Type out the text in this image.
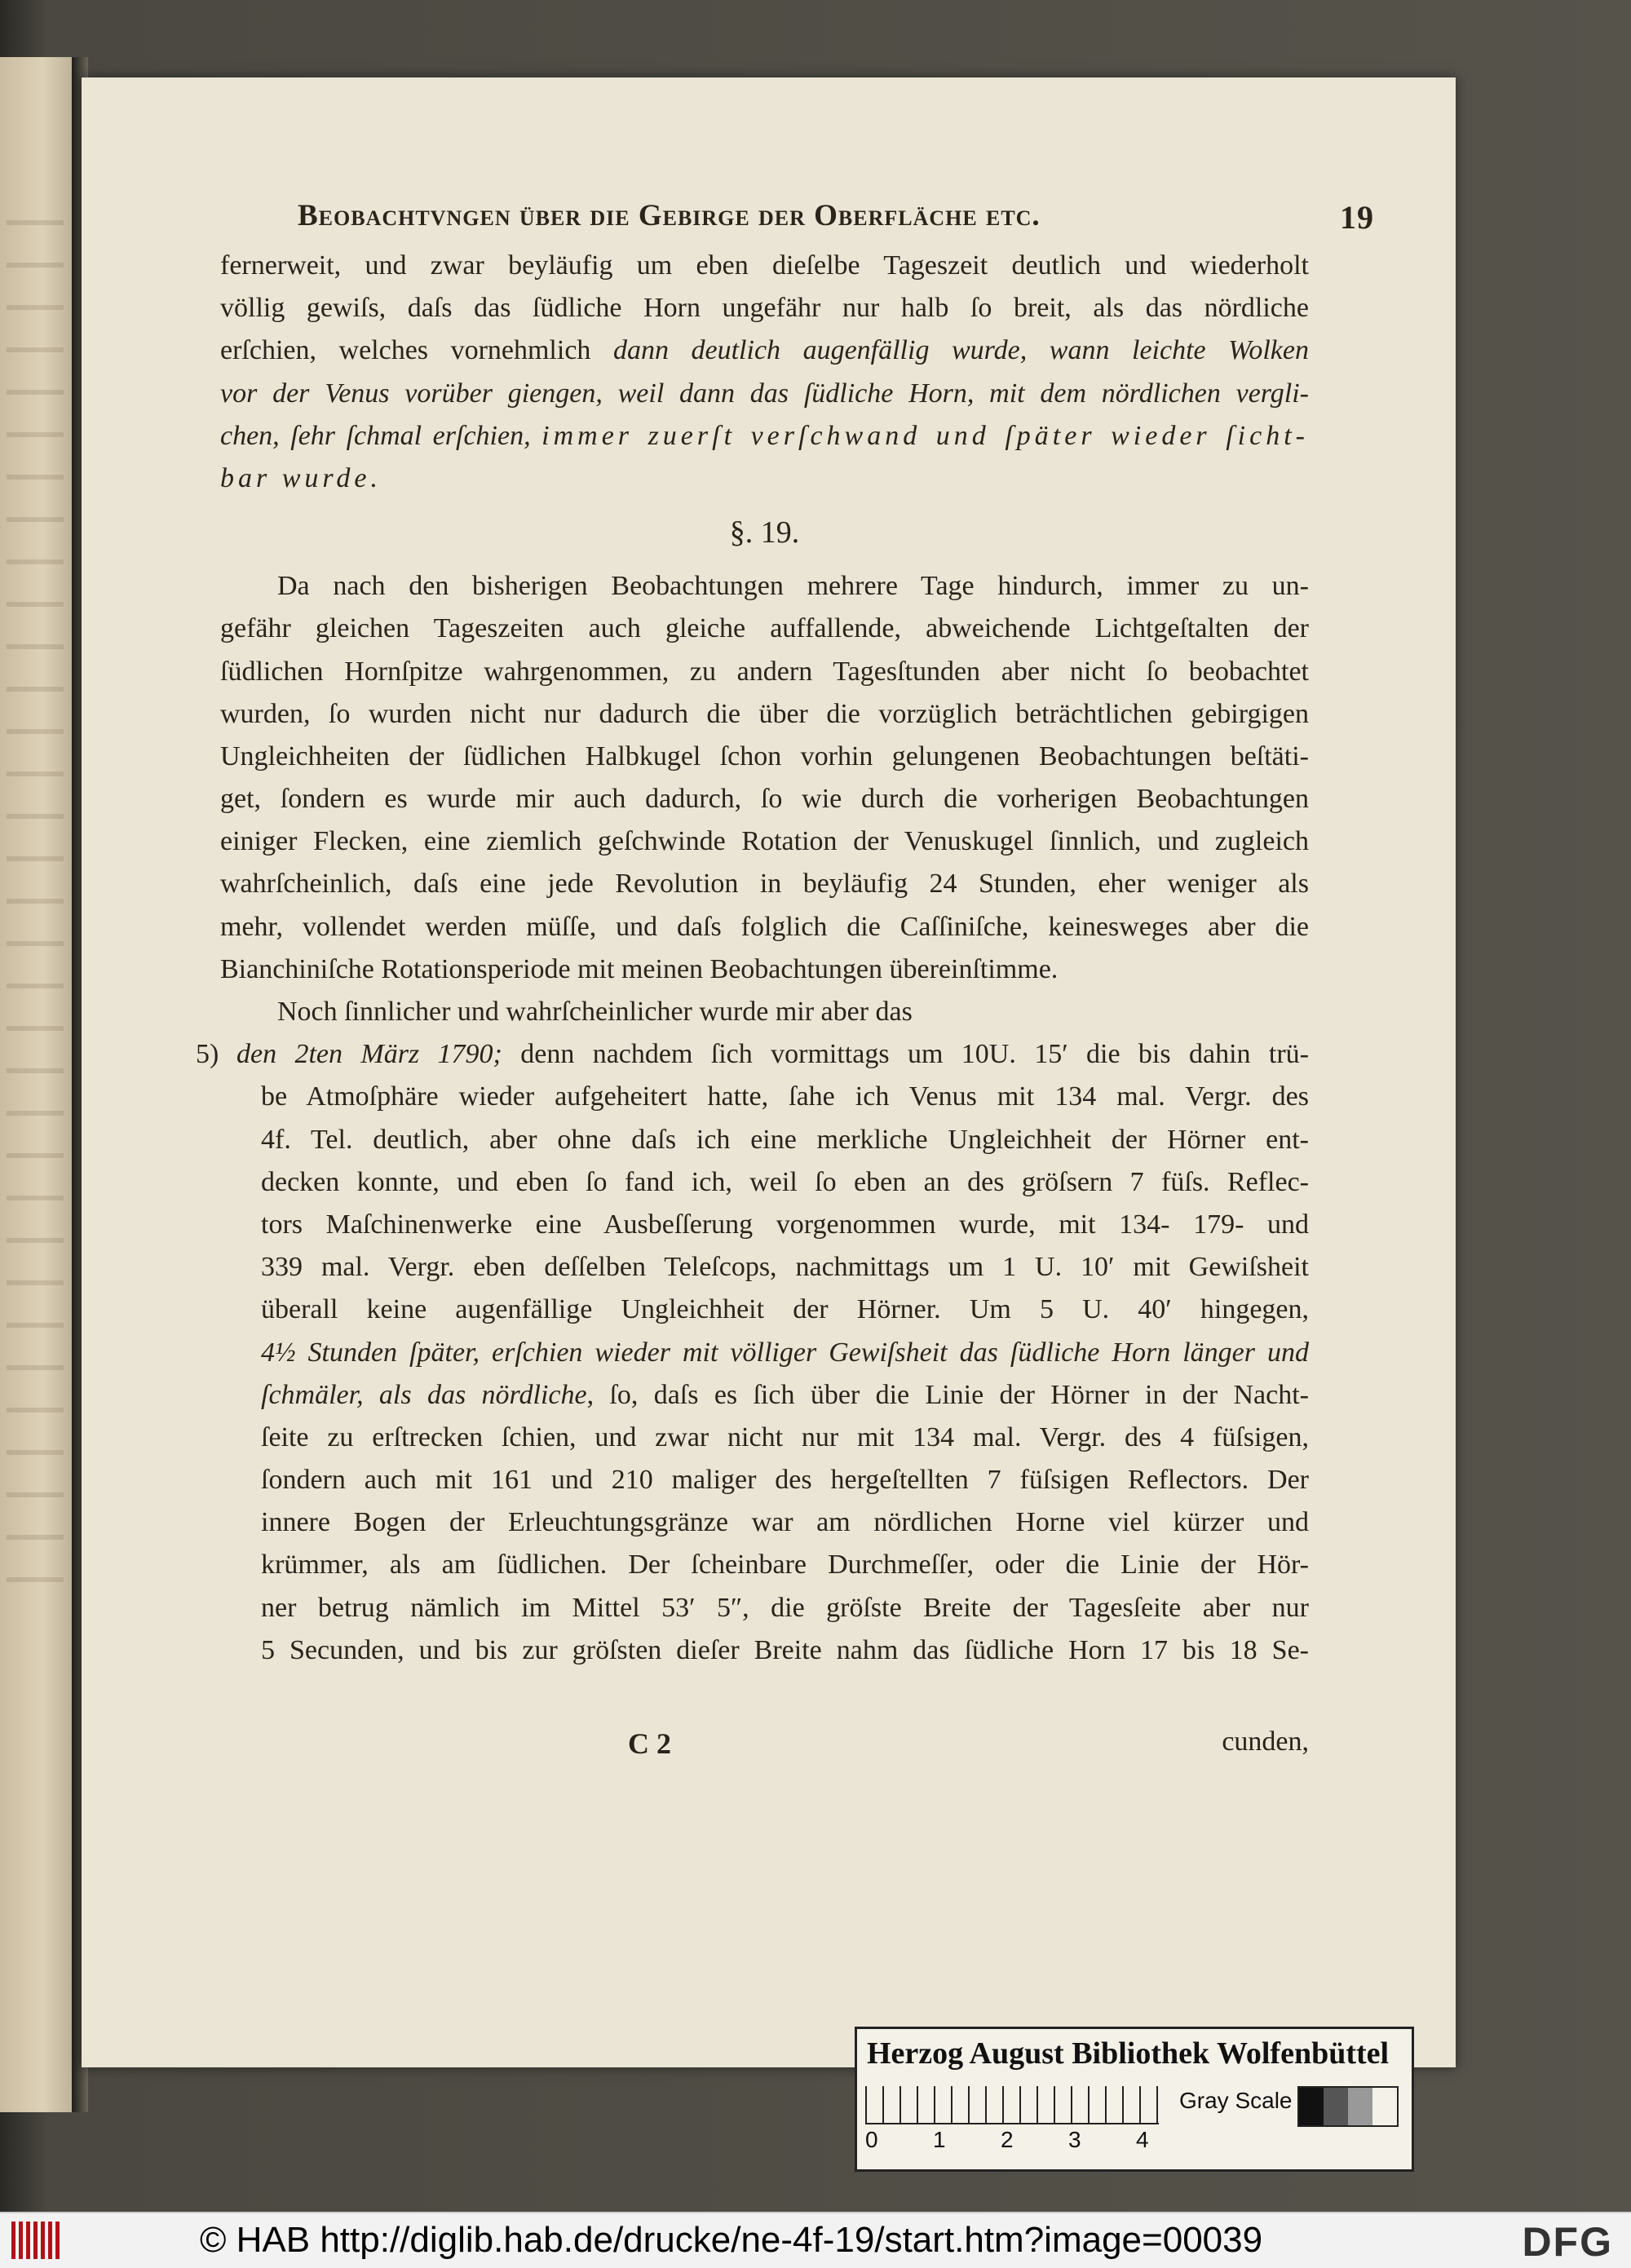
Beobachtvngen über die Gebirge der Oberfläche etc.	19
fernerweit, und zwar beyläufig um eben dieſelbe Tageszeit deutlich und wiederholt
völlig gewiſs, daſs das ſüdliche Horn ungefähr nur halb ſo breit, als das nördliche
erſchien, welches vornehmlich dann deutlich augenfällig wurde, wann leichte Wolken
vor der Venus vorüber giengen, weil dann das ſüdliche Horn, mit dem nördlichen vergli-
chen, ſehr ſchmal erſchien, immer zuerſt verſchwand und ſpäter wieder ſicht-
bar wurde.
§. 19.
Da nach den bisherigen Beobachtungen mehrere Tage hindurch, immer zu un-
gefähr gleichen Tageszeiten auch gleiche auffallende, abweichende Lichtgeſtalten der
ſüdlichen Hornſpitze wahrgenommen, zu andern Tagesſtunden aber nicht ſo beobachtet
wurden, ſo wurden nicht nur dadurch die über die vorzüglich beträchtlichen gebirgigen
Ungleichheiten der ſüdlichen Halbkugel ſchon vorhin gelungenen Beobachtungen beſtäti-
get, ſondern es wurde mir auch dadurch, ſo wie durch die vorherigen Beobachtungen
einiger Flecken, eine ziemlich geſchwinde Rotation der Venuskugel ſinnlich, und zugleich
wahrſcheinlich, daſs eine jede Revolution in beyläufig 24 Stunden, eher weniger als
mehr, vollendet werden müſſe, und daſs folglich die Caſſiniſche, keinesweges aber die
Bianchiniſche Rotationsperiode mit meinen Beobachtungen übereinſtimme.
Noch ſinnlicher und wahrſcheinlicher wurde mir aber das
5) den 2ten März 1790; denn nachdem ſich vormittags um 10U. 15′ die bis dahin trü-
be Atmoſphäre wieder aufgeheitert hatte, ſahe ich Venus mit 134 mal. Vergr. des
4f. Tel. deutlich, aber ohne daſs ich eine merkliche Ungleichheit der Hörner ent-
decken konnte, und eben ſo fand ich, weil ſo eben an des gröſsern 7 füſs. Reflec-
tors Maſchinenwerke eine Ausbeſſerung vorgenommen wurde, mit 134- 179- und
339 mal. Vergr. eben deſſelben Teleſcops, nachmittags um 1 U. 10′ mit Gewiſsheit
überall keine augenfällige Ungleichheit der Hörner. Um 5 U. 40′ hingegen,
4½ Stunden ſpäter, erſchien wieder mit völliger Gewiſsheit das ſüdliche Horn länger und
ſchmäler, als das nördliche, ſo, daſs es ſich über die Linie der Hörner in der Nacht-
ſeite zu erſtrecken ſchien, und zwar nicht nur mit 134 mal. Vergr. des 4 füſsigen,
ſondern auch mit 161 und 210 maliger des hergeſtellten 7 füſsigen Reflectors. Der
innere Bogen der Erleuchtungsgränze war am nördlichen Horne viel kürzer und
krümmer, als am ſüdlichen. Der ſcheinbare Durchmeſſer, oder die Linie der Hör-
ner betrug nämlich im Mittel 53′ 5″, die gröſste Breite der Tagesſeite aber nur
5 Secunden, und bis zur gröſsten dieſer Breite nahm das ſüdliche Horn 17 bis 18 Se-
C 2	cunden,
Herzog August Bibliothek Wolfenbüttel
0 1 2 3 4
Gray Scale
© HAB http://diglib.hab.de/drucke/ne-4f-19/start.htm?image=00039	DFG
